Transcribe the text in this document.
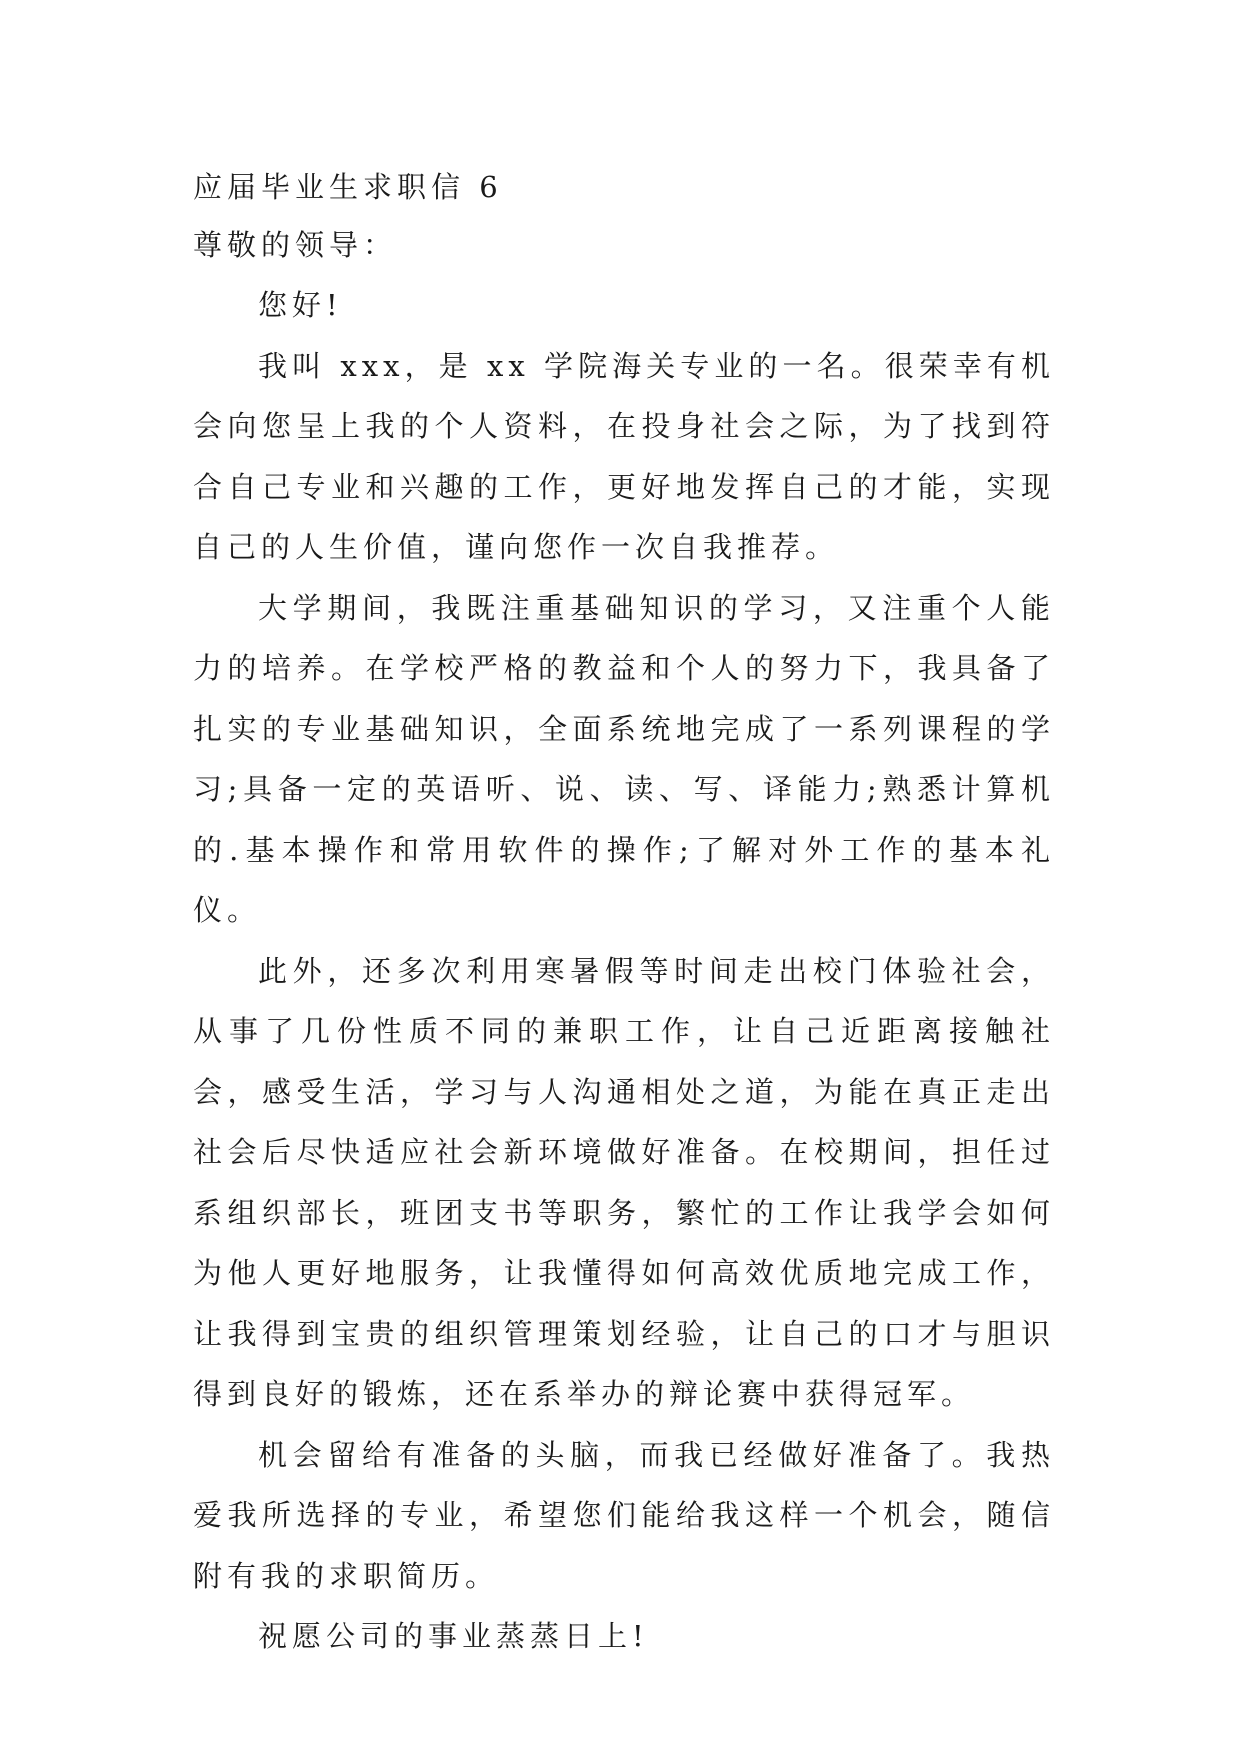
应届毕业生求职信 6

尊敬的领导：

您好!

我叫 xxx，是 xx 学院海关专业的一名。很荣幸有机会向您呈上我的个人资料，在投身社会之际，为了找到符合自己专业和兴趣的工作，更好地发挥自己的才能，实现自己的人生价值，谨向您作一次自我推荐。

大学期间，我既注重基础知识的学习，又注重个人能力的培养。在学校严格的教益和个人的努力下，我具备了扎实的专业基础知识，全面系统地完成了一系列课程的学习;具备一定的英语听、说、读、写、译能力;熟悉计算机的.基本操作和常用软件的操作;了解对外工作的基本礼仪。

此外，还多次利用寒暑假等时间走出校门体验社会，从事了几份性质不同的兼职工作，让自己近距离接触社会，感受生活，学习与人沟通相处之道，为能在真正走出社会后尽快适应社会新环境做好准备。在校期间，担任过系组织部长，班团支书等职务，繁忙的工作让我学会如何为他人更好地服务，让我懂得如何高效优质地完成工作，让我得到宝贵的组织管理策划经验，让自己的口才与胆识得到良好的锻炼，还在系举办的辩论赛中获得冠军。

机会留给有准备的头脑，而我已经做好准备了。我热爱我所选择的专业，希望您们能给我这样一个机会，随信附有我的求职简历。

祝愿公司的事业蒸蒸日上!
